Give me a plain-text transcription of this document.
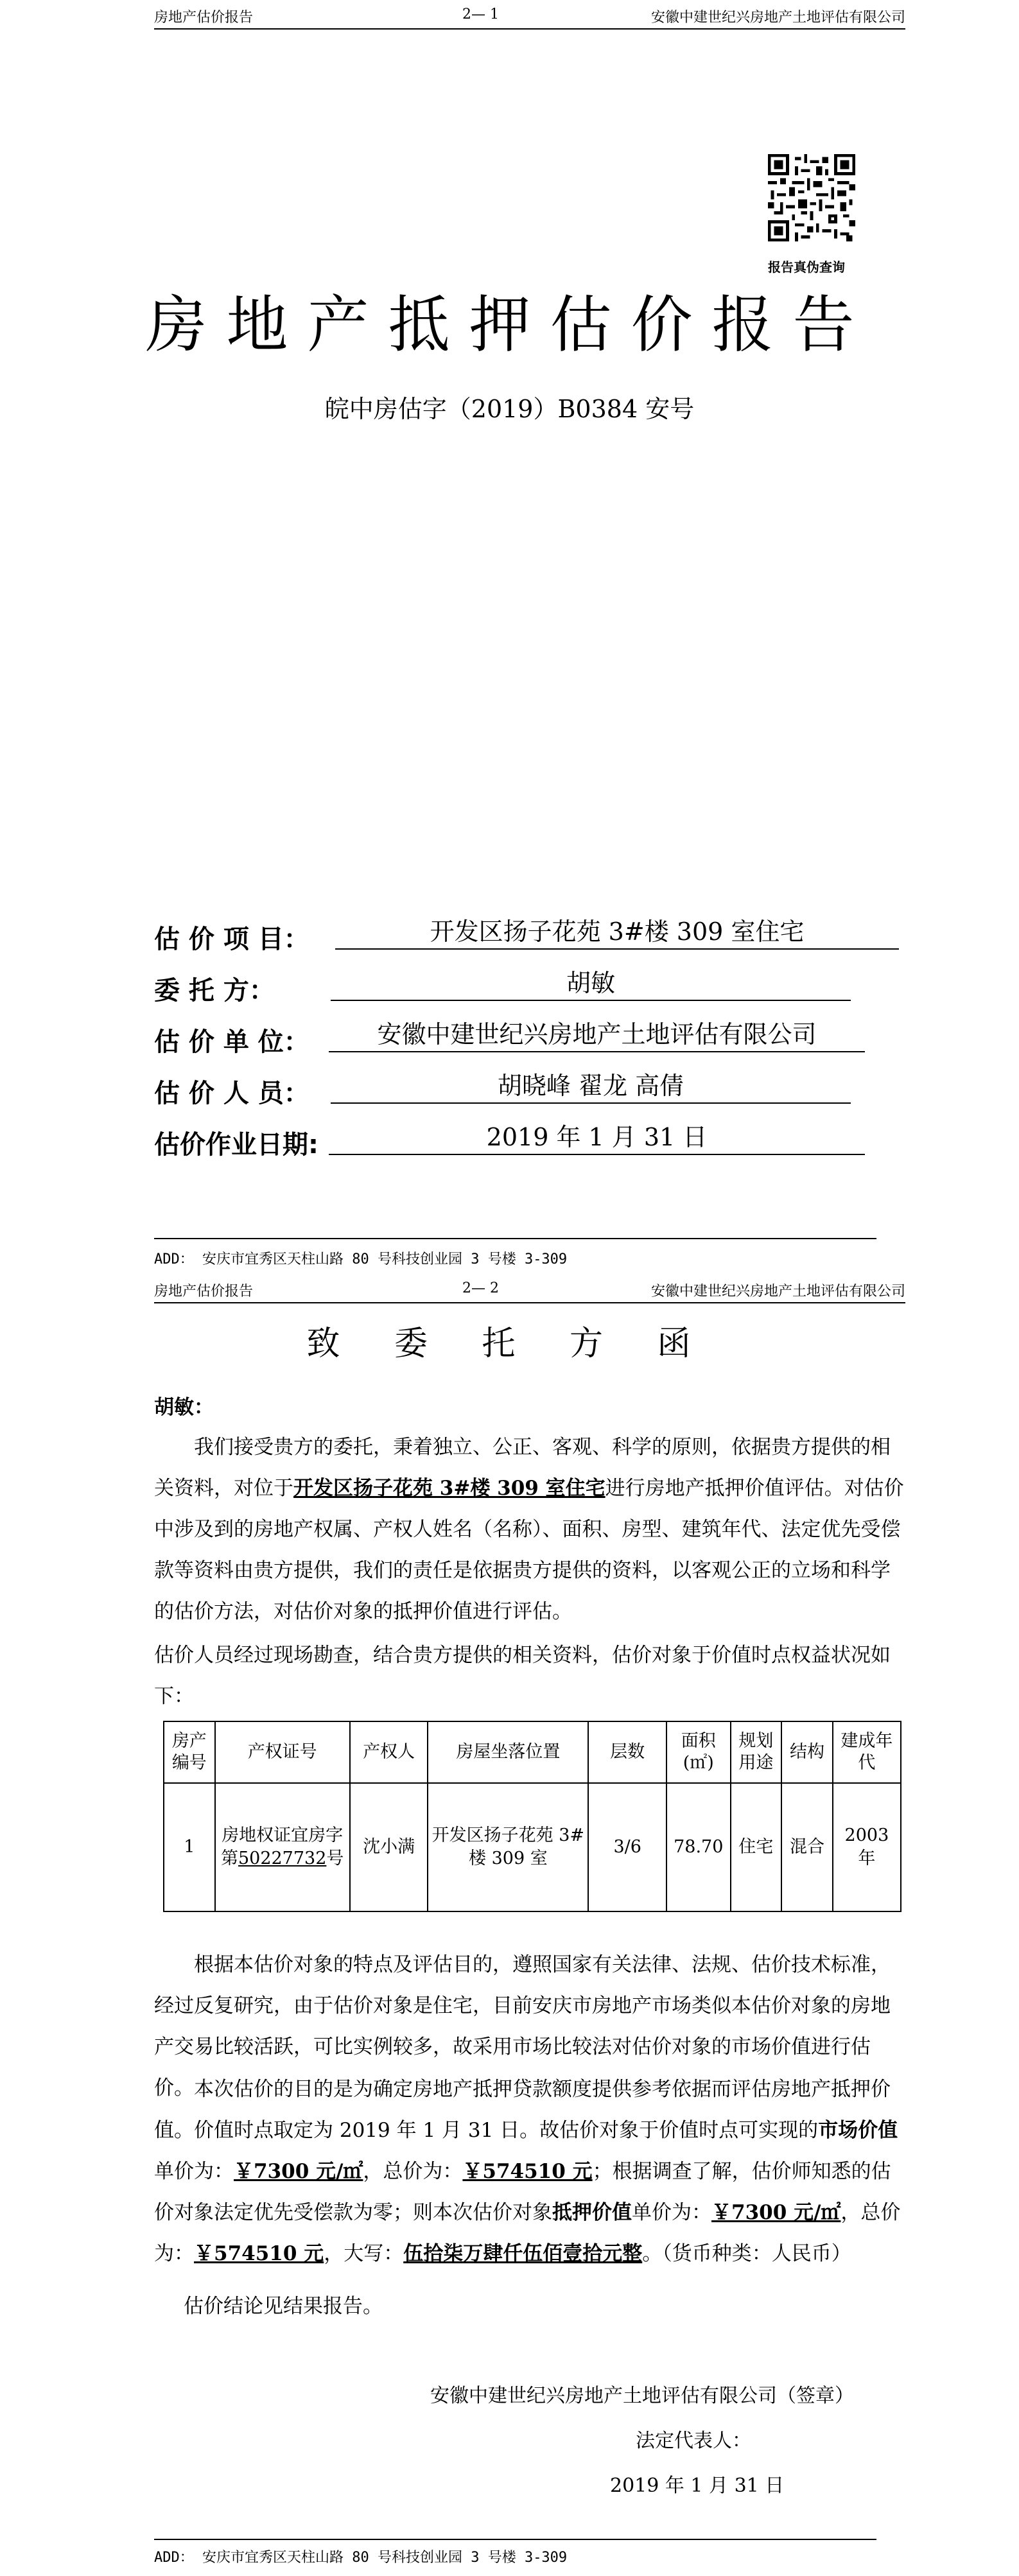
房地产估价报告	2— 1	安徽中建世纪兴房地产土地评估有限公司
报告真伪查询
房地产抵押估价报告
皖中房估字（2019）B0384 安号
估 价 项 目：	开发区扬子花苑 3#楼 309 室住宅
委 托 方：	胡敏
估 价 单 位：	安徽中建世纪兴房地产土地评估有限公司
估 价 人 员：	胡晓峰 翟龙 高倩
估价作业日期:	2019 年 1 月 31 日
ADD： 安庆市宜秀区天柱山路 80 号科技创业园 3 号楼 3-309
房地产估价报告	2— 2	安徽中建世纪兴房地产土地评估有限公司
致 委 托 方 函
胡敏：
我们接受贵方的委托，秉着独立、公正、客观、科学的原则，依据贵方提供的相关资料，对位于开发区扬子花苑 3#楼 309 室住宅进行房地产抵押价值评估。对估价中涉及到的房地产权属、产权人姓名（名称）、面积、房型、建筑年代、法定优先受偿款等资料由贵方提供，我们的责任是依据贵方提供的资料，以客观公正的立场和科学的估价方法，对估价对象的抵押价值进行评估。
估价人员经过现场勘查，结合贵方提供的相关资料，估价对象于价值时点权益状况如下：
房产编号	产权证号	产权人	房屋坐落位置	层数	面积(㎡)	规划用途	结构	建成年代
1	房地权证宜房字第50227732号	沈小满	开发区扬子花苑 3#楼 309 室	3/6	78.70	住宅	混合	2003 年
根据本估价对象的特点及评估目的，遵照国家有关法律、法规、估价技术标准，经过反复研究，由于估价对象是住宅，目前安庆市房地产市场类似本估价对象的房地产交易比较活跃，可比实例较多，故采用市场比较法对估价对象的市场价值进行估价。 本次估价的目的是为确定房地产抵押贷款额度提供参考依据而评估房地产抵押价值。价值时点取定为 2019 年 1 月 31 日。故估价对象于价值时点可实现的市场价值单价为：￥7300 元/㎡，总价为：￥574510 元；根据调查了解，估价师知悉的估价对象法定优先受偿款为零；则本次估价对象抵押价值单价为：￥7300 元/㎡，总价为：￥574510 元，大写：伍拾柒万肆仟伍佰壹拾元整。（货币种类：人民币）
估价结论见结果报告。
安徽中建世纪兴房地产土地评估有限公司（签章）
法定代表人：
2019 年 1 月 31 日
ADD： 安庆市宜秀区天柱山路 80 号科技创业园 3 号楼 3-309
